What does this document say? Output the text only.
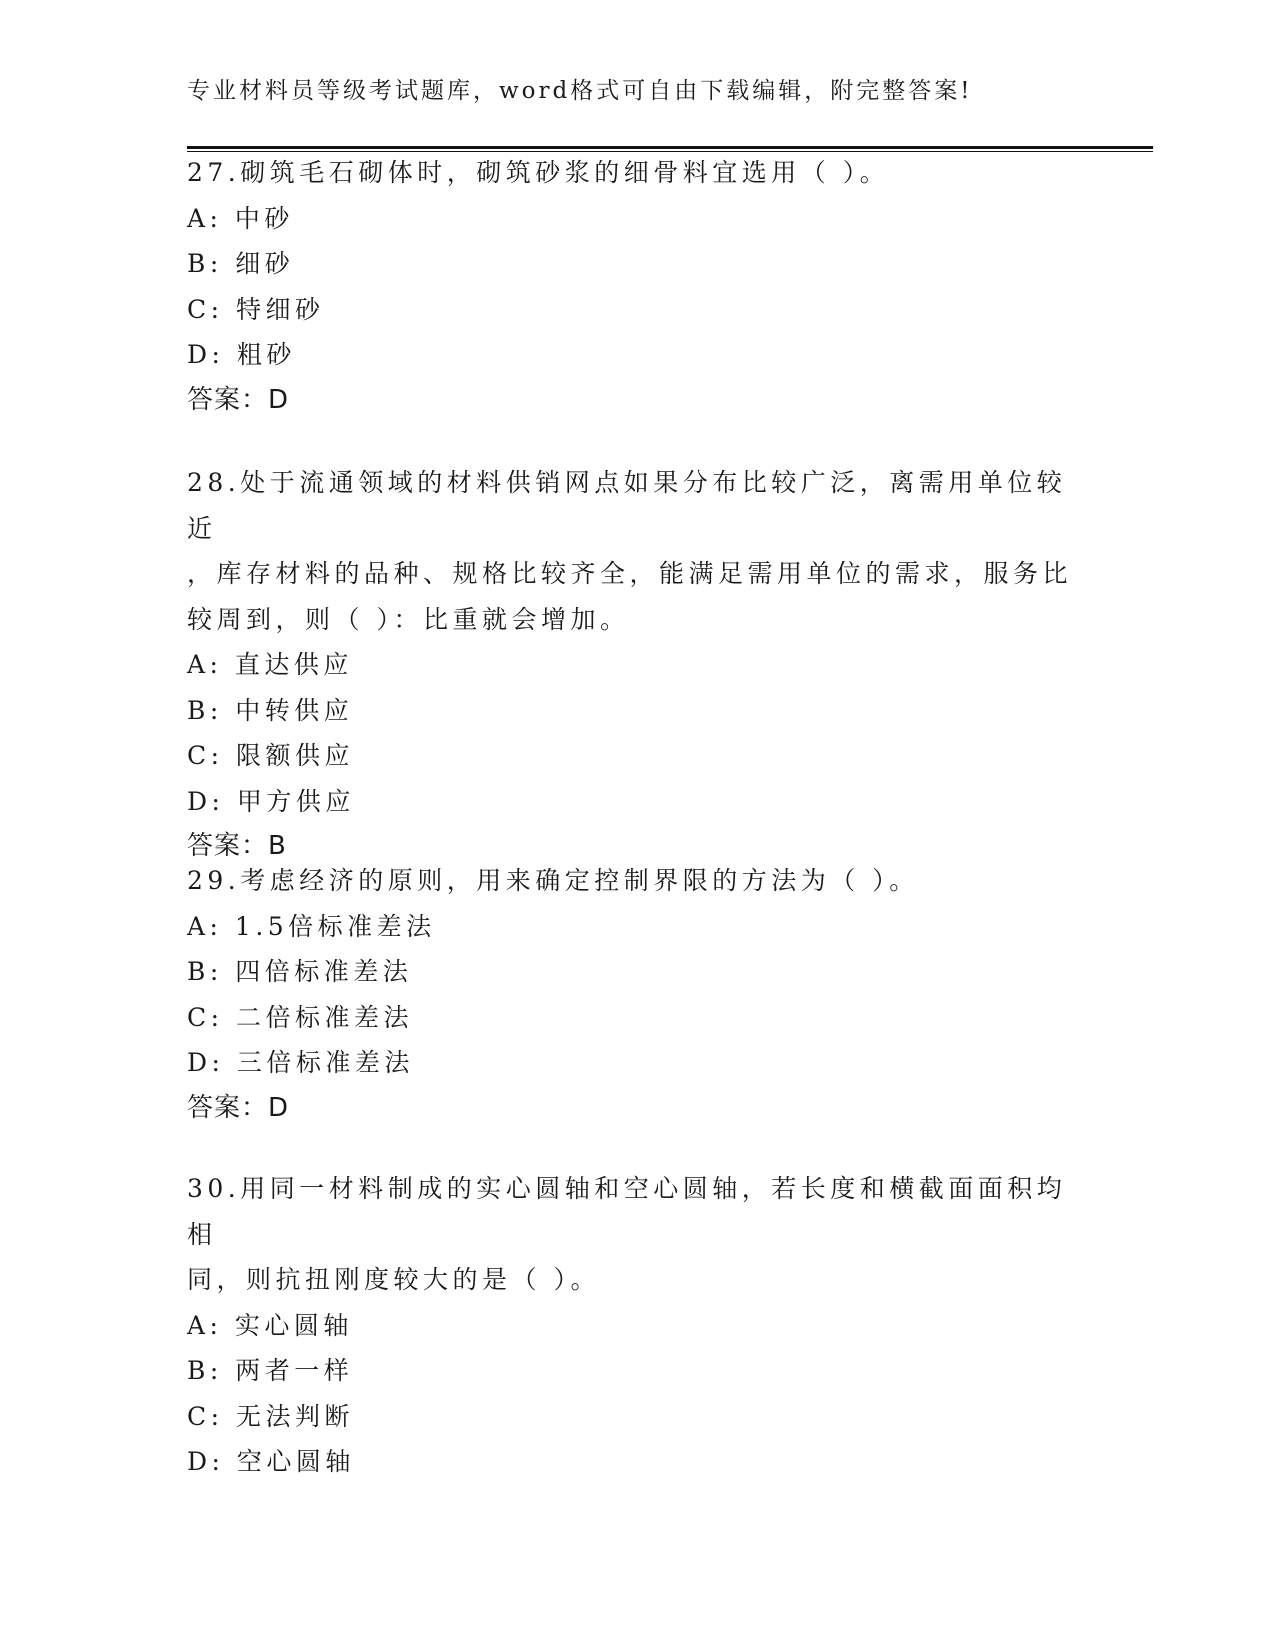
专业材料员等级考试题库，word格式可自由下载编辑，附完整答案!
27.砌筑毛石砌体时，砌筑砂浆的细骨料宜选用（ ）。
A: 中砂
B: 细砂
C: 特细砂
D: 粗砂
答案：D
28.处于流通领域的材料供销网点如果分布比较广泛，离需用单位较近
，库存材料的品种、规格比较齐全，能满足需用单位的需求，服务比
较周到，则（ ）：比重就会增加。
A: 直达供应
B: 中转供应
C: 限额供应
D: 甲方供应
答案：B
29.考虑经济的原则，用来确定控制界限的方法为（ ）。
A: 1.5倍标准差法
B: 四倍标准差法
C: 二倍标准差法
D: 三倍标准差法
答案：D
30.用同一材料制成的实心圆轴和空心圆轴，若长度和横截面面积均相
同，则抗扭刚度较大的是（ ）。
A: 实心圆轴
B: 两者一样
C: 无法判断
D: 空心圆轴
